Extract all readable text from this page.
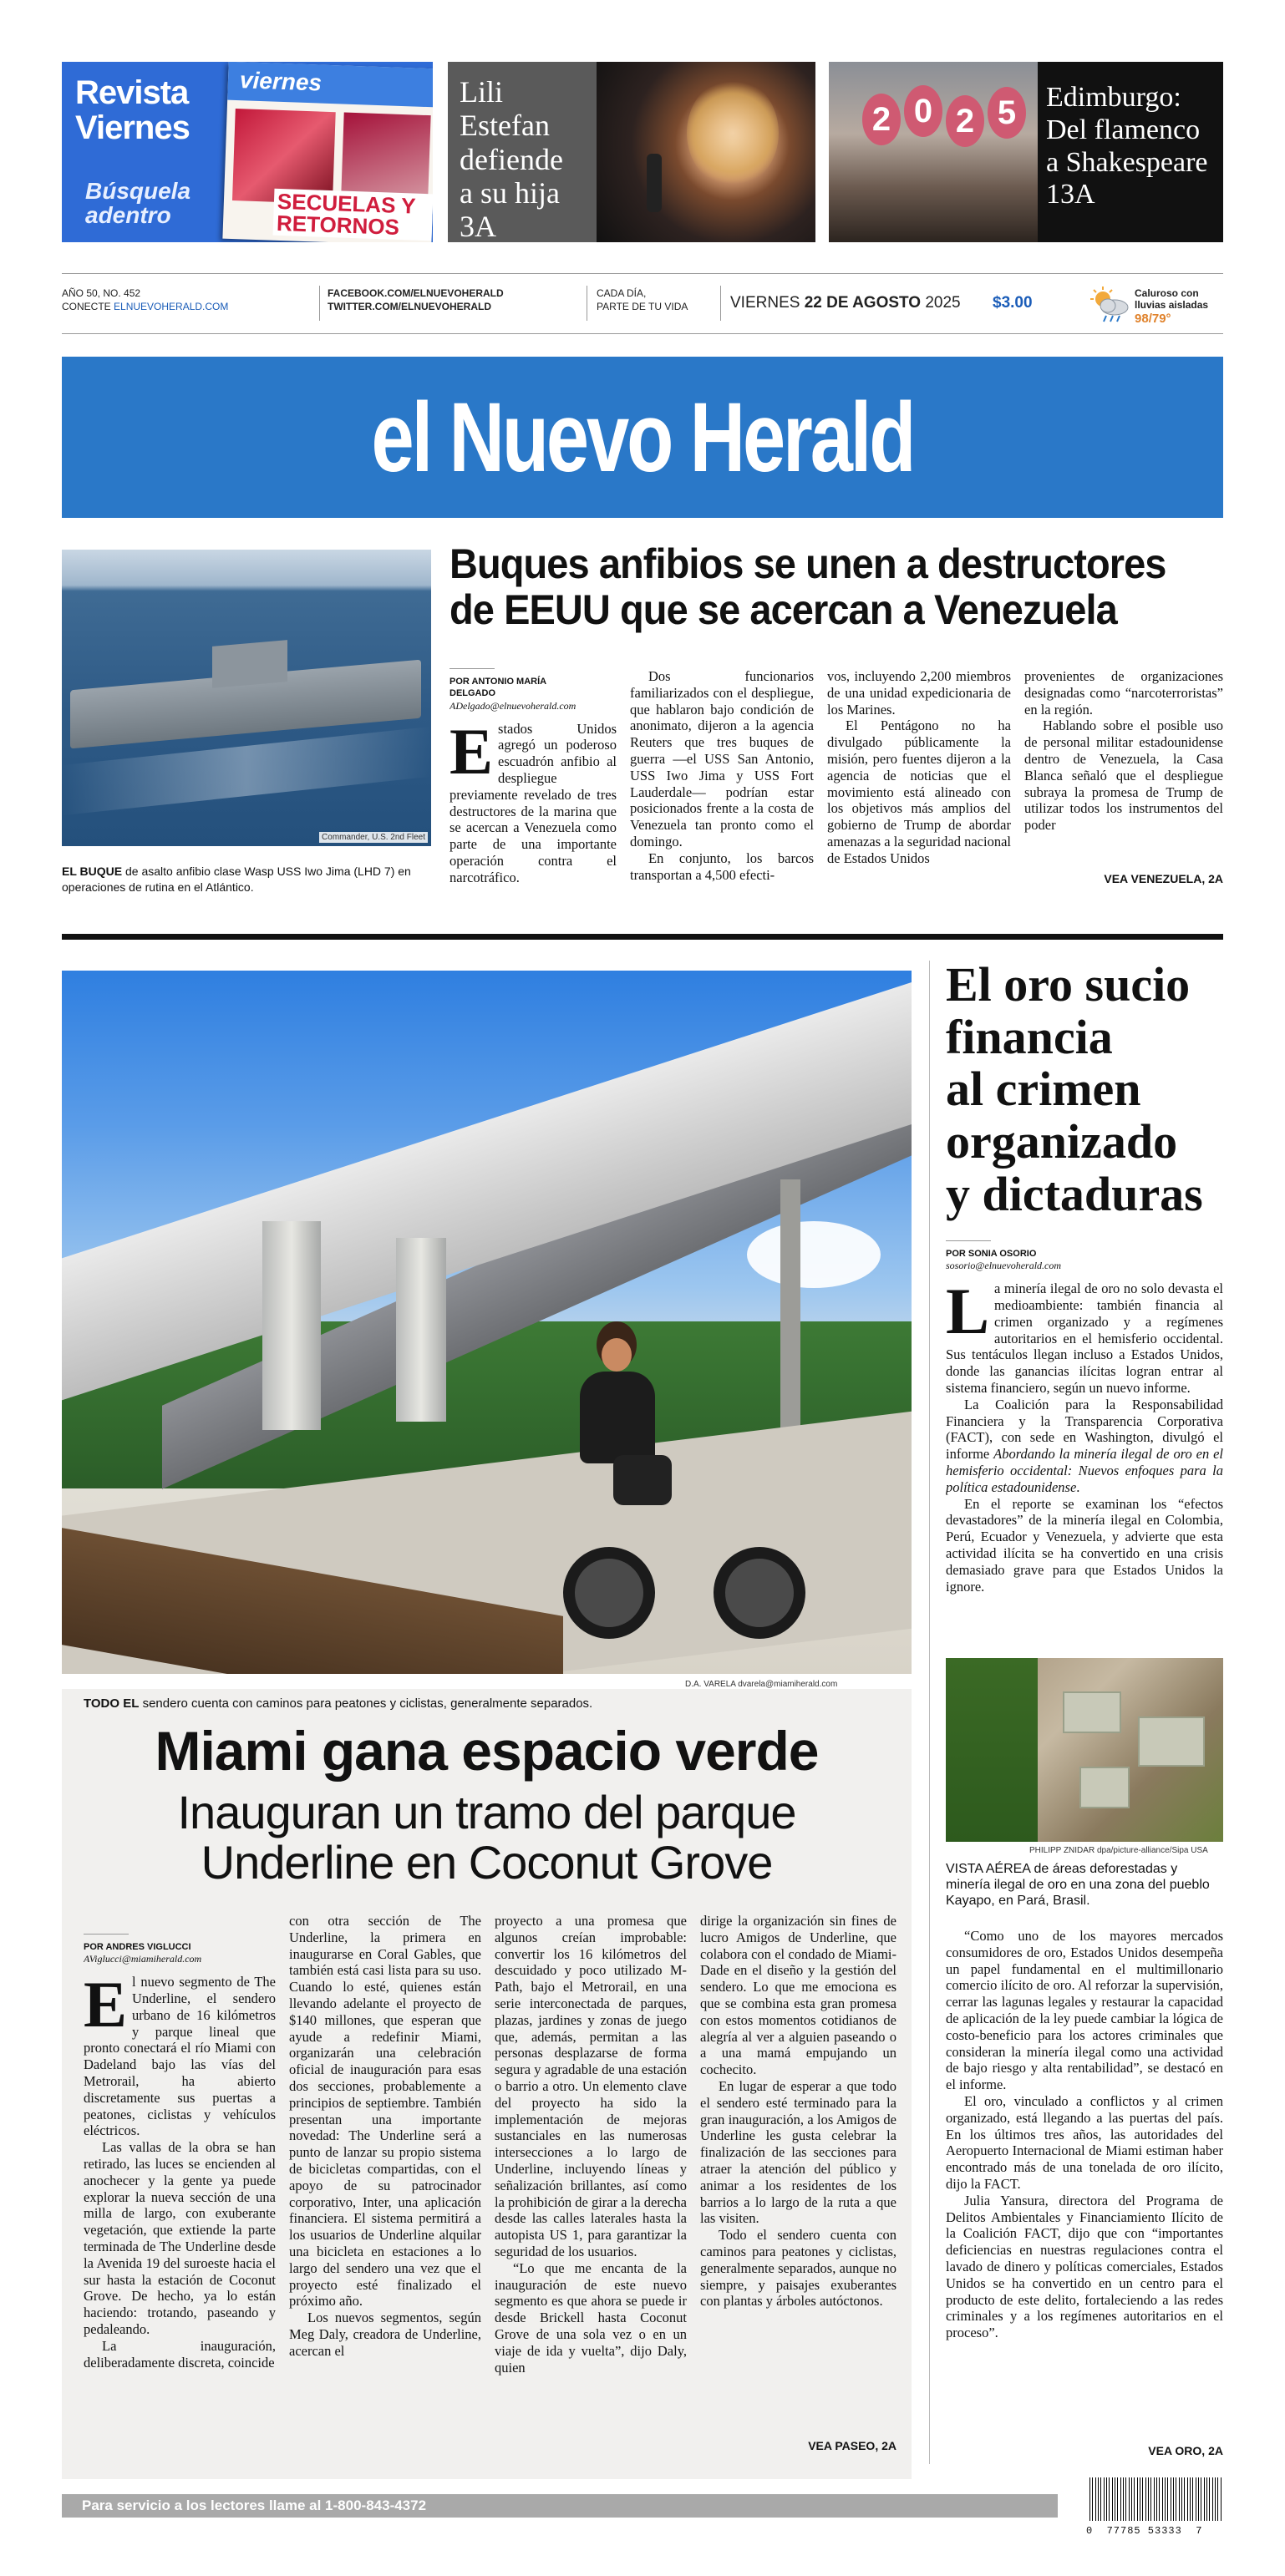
Revista
Viernes
Búsquela
adentro
viernes
SECUELAS Y RETORNOS
Lili
Estefan
defiende
a su hija
3A
2 0 2 5	Edimburgo:
Del flamenco
a Shakespeare
13A
AÑO 50, NO. 452
CONECTE ELNUEVOHERALD.COM
FACEBOOK.COM/ELNUEVOHERALD
TWITTER.COM/ELNUEVOHERALD
CADA DÍA,
PARTE DE TU VIDA	VIERNES 22 DE AGOSTO 2025 $3.00
Caluroso con
lluvias aisladas
98/79°
el Nuevo Herald
Commander, U.S. 2nd Fleet
EL BUQUE de asalto anfibio clase Wasp USS Iwo Jima (LHD 7) en operaciones de rutina en el Atlántico.
Buques anfibios se unen a destructores
de EEUU que se acercan a Venezuela
POR ANTONIO MARÍA
DELGADO
ADelgado@elnuevoherald.com
E stados Unidos agregó un poderoso escuadrón anfibio al despliegue previamente revelado de tres destructores de la marina que se acercan a Venezuela como parte de una importante operación contra el narcotráfico.

Dos funcionarios familiarizados con el despliegue, que hablaron bajo condición de anonimato, dijeron a la agencia Reuters que tres buques de guerra —el USS San Antonio, USS Iwo Jima y USS Fort Lauderdale— podrían estar posicionados frente a la costa de Venezuela tan pronto como el domingo.

En conjunto, los barcos transportan a 4,500 efecti-

vos, incluyendo 2,200 miembros de una unidad expedicionaria de los Marines.

El Pentágono no ha divulgado públicamente la misión, pero fuentes dijeron a la agencia de noticias que el movimiento está alineado con los objetivos más amplios del gobierno de Trump de abordar amenazas a la seguridad nacional de Estados Unidos

provenientes de organizaciones designadas como “narcoterroristas” en la región.

Hablando sobre el posible uso de personal militar estadounidense dentro de Venezuela, la Casa Blanca señaló que el despliegue subraya la promesa de Trump de utilizar todos los instrumentos del poder

VEA VENEZUELA, 2A
D.A. VARELA dvarela@miamiherald.com
TODO EL sendero cuenta con caminos para peatones y ciclistas, generalmente separados.
Miami gana espacio verde
Inauguran un tramo del parque
Underline en Coconut Grove
POR ANDRES VIGLUCCI
AViglucci@miamiherald.com
E l nuevo segmento de The Underline, el sendero urbano de 16 kilómetros y parque lineal que pronto conectará el río Miami con Dadeland bajo las vías del Metrorail, ha abierto discretamente sus puertas a peatones, ciclistas y vehículos eléctricos.

Las vallas de la obra se han retirado, las luces se encienden al anochecer y la gente ya puede explorar la nueva sección de una milla de largo, con exuberante vegetación, que extiende la parte terminada de The Underline desde la Avenida 19 del suroeste hacia el sur hasta la estación de Coconut Grove. De hecho, ya lo están haciendo: trotando, paseando y pedaleando.

La inauguración, deliberadamente discreta, coincide

con otra sección de The Underline, la primera en inaugurarse en Coral Gables, que también está casi lista para su uso. Cuando lo esté, quienes están llevando adelante el proyecto de $140 millones, que esperan que ayude a redefinir Miami, organizarán una celebración oficial de inauguración para esas dos secciones, probablemente a principios de septiembre. También presentan una importante novedad: The Underline será a punto de lanzar su propio sistema de bicicletas compartidas, con el apoyo de su patrocinador corporativo, Inter, una aplicación financiera. El sistema permitirá a los usuarios de Underline alquilar una bicicleta en estaciones a lo largo del sendero una vez que el proyecto esté finalizado el próximo año.

Los nuevos segmentos, según Meg Daly, creadora de Underline, acercan el

proyecto a una promesa que algunos creían improbable: convertir los 16 kilómetros del descuidado y poco utilizado M-Path, bajo el Metrorail, en una serie interconectada de parques, plazas, jardines y zonas de juego que, además, permitan a las personas desplazarse de forma segura y agradable de una estación o barrio a otro. Un elemento clave del proyecto ha sido la implementación de mejoras sustanciales en las numerosas intersecciones a lo largo de Underline, incluyendo líneas y señalización brillantes, así como la prohibición de girar a la derecha desde las calles laterales hasta la autopista US 1, para garantizar la seguridad de los usuarios.

“Lo que me encanta de la inauguración de este nuevo segmento es que ahora se puede ir desde Brickell hasta Coconut Grove de una sola vez o en un viaje de ida y vuelta”, dijo Daly, quien

dirige la organización sin fines de lucro Amigos de Underline, que colabora con el condado de Miami-Dade en el diseño y la gestión del sendero. Lo que me emociona es que se combina esta gran promesa con estos momentos cotidianos de alegría al ver a alguien paseando o a una mamá empujando un cochecito.

En lugar de esperar a que todo el sendero esté terminado para la gran inauguración, a los Amigos de Underline les gusta celebrar la finalización de las secciones para atraer la atención del público y animar a los residentes de los barrios a lo largo de la ruta a que las visiten.

Todo el sendero cuenta con caminos para peatones y ciclistas, generalmente separados, aunque no siempre, y paisajes exuberantes con plantas y árboles autóctonos.

VEA PASEO, 2A
El oro sucio
financia
al crimen
organizado
y dictaduras
POR SONIA OSORIO
sosorio@elnuevoherald.com
L a minería ilegal de oro no solo devasta el medioambiente: también financia al crimen organizado y a regímenes autoritarios en el hemisferio occidental. Sus tentáculos llegan incluso a Estados Unidos, donde las ganancias ilícitas logran entrar al sistema financiero, según un nuevo informe.

La Coalición para la Responsabilidad Financiera y la Transparencia Corporativa (FACT), con sede en Washington, divulgó el informe Abordando la minería ilegal de oro en el hemisferio occidental: Nuevos enfoques para la política estadounidense.

En el reporte se examinan los “efectos devastadores” de la minería ilegal en Colombia, Perú, Ecuador y Venezuela, y advierte que esta actividad ilícita se ha convertido en una crisis demasiado grave para que Estados Unidos la ignore.

PHILIPP ZNIDAR dpa/picture-alliance/Sipa USA
VISTA AÉREA de áreas deforestadas y minería ilegal de oro en una zona del pueblo Kayapo, en Pará, Brasil.

“Como uno de los mayores mercados consumidores de oro, Estados Unidos desempeña un papel fundamental en el multimillonario comercio ilícito de oro. Al reforzar la supervisión, cerrar las lagunas legales y restaurar la capacidad de aplicación de la ley puede cambiar la lógica de costo-beneficio para los actores criminales que consideran la minería ilegal como una actividad de bajo riesgo y alta rentabilidad”, se destacó en el informe.

El oro, vinculado a conflictos y al crimen organizado, está llegando a las puertas del país. En los últimos tres años, las autoridades del Aeropuerto Internacional de Miami estiman haber encontrado más de una tonelada de oro ilícito, dijo la FACT.

Julia Yansura, directora del Programa de Delitos Ambientales y Financiamiento Ilícito de la Coalición FACT, dijo que con “importantes deficiencias en nuestras regulaciones contra el lavado de dinero y políticas comerciales, Estados Unidos se ha convertido en un centro para el producto de este delito, fortaleciendo a las redes criminales y a los regímenes autoritarios en el proceso”.

VEA ORO, 2A
Para servicio a los lectores llame al 1-800-843-4372
0  77785 53333  7
